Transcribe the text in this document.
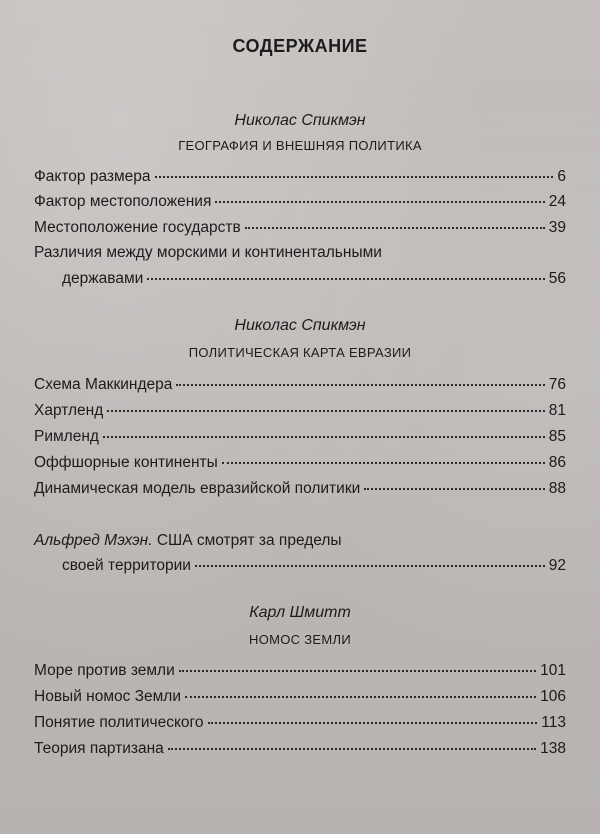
СОДЕРЖАНИЕ
Николас Спикмэн
ГЕОГРАФИЯ И ВНЕШНЯЯ ПОЛИТИКА
Фактор размера	6
Фактор местоположения	24
Местоположение государств	39
Различия между морскими и континентальными
державами	56
Николас Спикмэн
ПОЛИТИЧЕСКАЯ КАРТА ЕВРАЗИИ
Схема Маккиндера	76
Хартленд	81
Римленд	85
Оффшорные континенты	86
Динамическая модель евразийской политики	88
Альфред Мэхэн. США смотрят за пределы
своей территории	92
Карл Шмитт
НОМОС ЗЕМЛИ
Море против земли	101
Новый номос Земли	106
Понятие политического	113
Теория партизана	138
